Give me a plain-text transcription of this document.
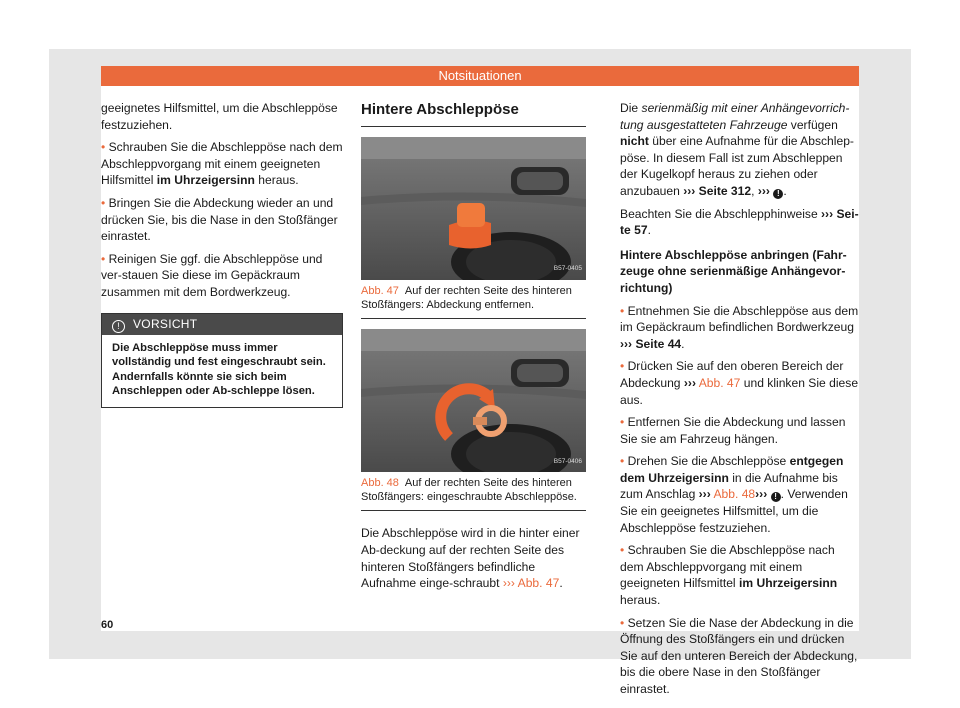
Notsituationen

geeignetes Hilfsmittel, um die Abschleppöse festzuziehen.

• Schrauben Sie die Abschleppöse nach dem Abschleppvorgang mit einem geeigneten Hilfsmittel im Uhrzeigersinn heraus.

• Bringen Sie die Abdeckung wieder an und drücken Sie, bis die Nase in den Stoßfänger einrastet.

• Reinigen Sie ggf. die Abschleppöse und ver-stauen Sie diese im Gepäckraum zusammen mit dem Bordwerkzeug.

! VORSICHT
Die Abschleppöse muss immer vollständig und fest eingeschraubt sein. Andernfalls könnte sie sich beim Anschleppen oder Ab-schleppe lösen.
Hintere Abschleppöse
B57-0405
Abb. 47 Auf der rechten Seite des hinteren Stoßfängers: Abdeckung entfernen.
B57-0406
Abb. 48 Auf der rechten Seite des hinteren Stoßfängers: eingeschraubte Abschleppöse.

Die Abschleppöse wird in die hinter einer Ab-deckung auf der rechten Seite des hinteren Stoßfängers befindliche Aufnahme einge-schraubt ››› Abb. 47.

Die serienmäßig mit einer Anhängevorrich-tung ausgestatteten Fahrzeuge verfügen nicht über eine Aufnahme für die Abschlep-pöse. In diesem Fall ist zum Abschleppen der Kugelkopf heraus zu ziehen oder anzubauen ››› Seite 312, ››› ! .

Beachten Sie die Abschlepphinweise ››› Sei-te 57.

Hintere Abschleppöse anbringen (Fahr-zeuge ohne serienmäßige Anhängevor-richtung)

• Entnehmen Sie die Abschleppöse aus dem im Gepäckraum befindlichen Bordwerkzeug ››› Seite 44.

• Drücken Sie auf den oberen Bereich der Abdeckung ››› Abb. 47 und klinken Sie diese aus.

• Entfernen Sie die Abdeckung und lassen Sie sie am Fahrzeug hängen.

• Drehen Sie die Abschleppöse entgegen dem Uhrzeigersinn in die Aufnahme bis zum Anschlag ››› Abb. 48››› ! . Verwenden Sie ein geeignetes Hilfsmittel, um die Abschleppöse festzuziehen.

• Schrauben Sie die Abschleppöse nach dem Abschleppvorgang mit einem geeigneten Hilfsmittel im Uhrzeigersinn heraus.

• Setzen Sie die Nase der Abdeckung in die Öffnung des Stoßfängers ein und drücken Sie auf den unteren Bereich der Abdeckung, bis die obere Nase in den Stoßfänger einrastet.

60
